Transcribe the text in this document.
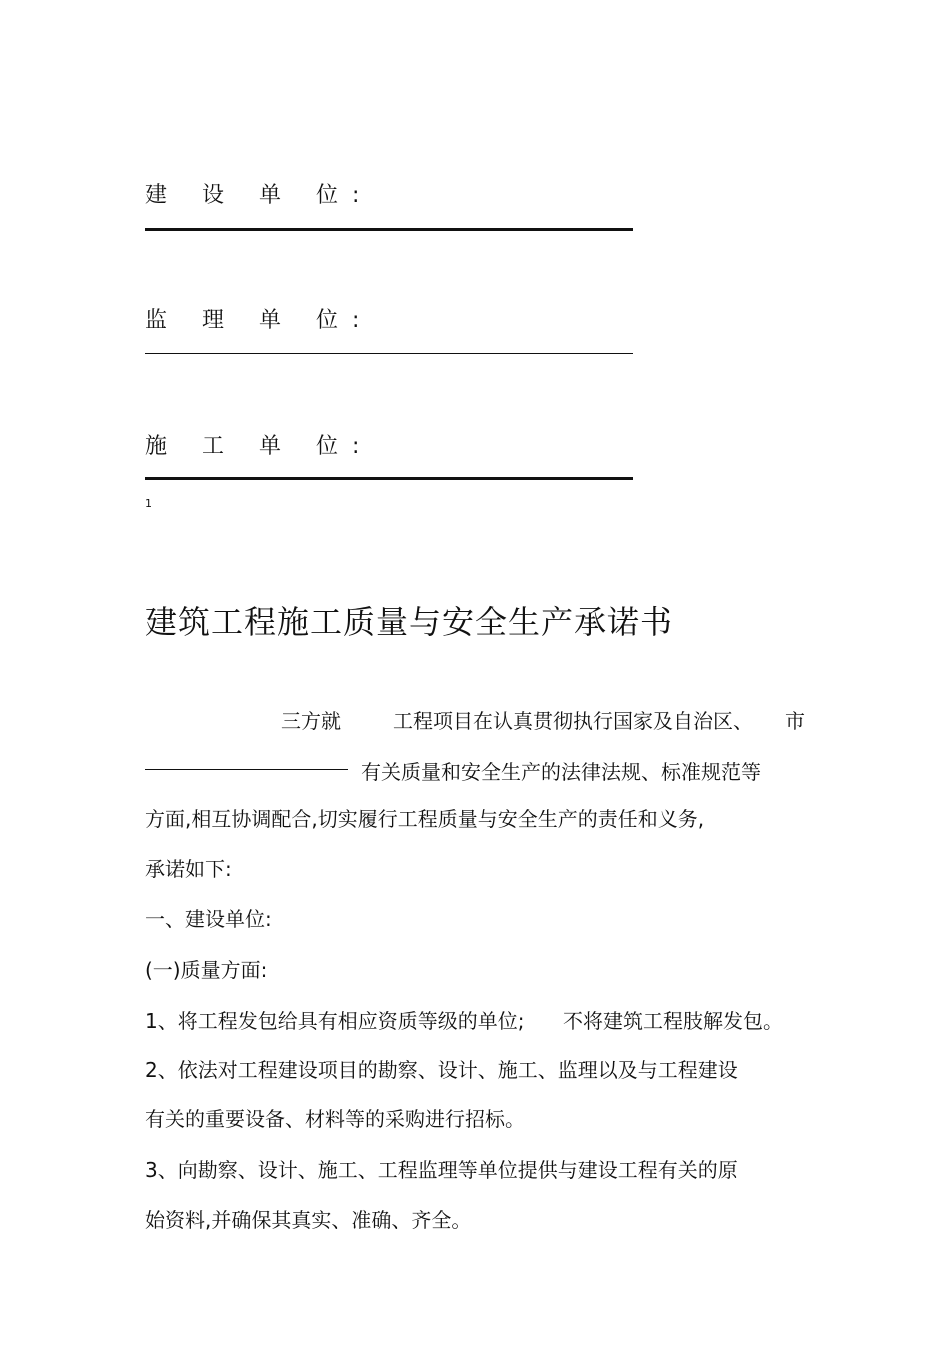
建 设 单 位:
监 理 单 位:
施 工 单 位:
1
建筑工程施工质量与安全生产承诺书
三方就	工程项目在认真贯彻执行国家及自治区、 市
有关质量和安全生产的法律法规、标准规范等
方面,相互协调配合,切实履行工程质量与安全生产的责任和义务,
承诺如下:
一、建设单位:
(一)质量方面:
1、将工程发包给具有相应资质等级的单位; 不将建筑工程肢解发包。
2、依法对工程建设项目的勘察、设计、施工、监理以及与工程建设
有关的重要设备、材料等的采购进行招标。
3、向勘察、设计、施工、工程监理等单位提供与建设工程有关的原
始资料,并确保其真实、准确、齐全。
